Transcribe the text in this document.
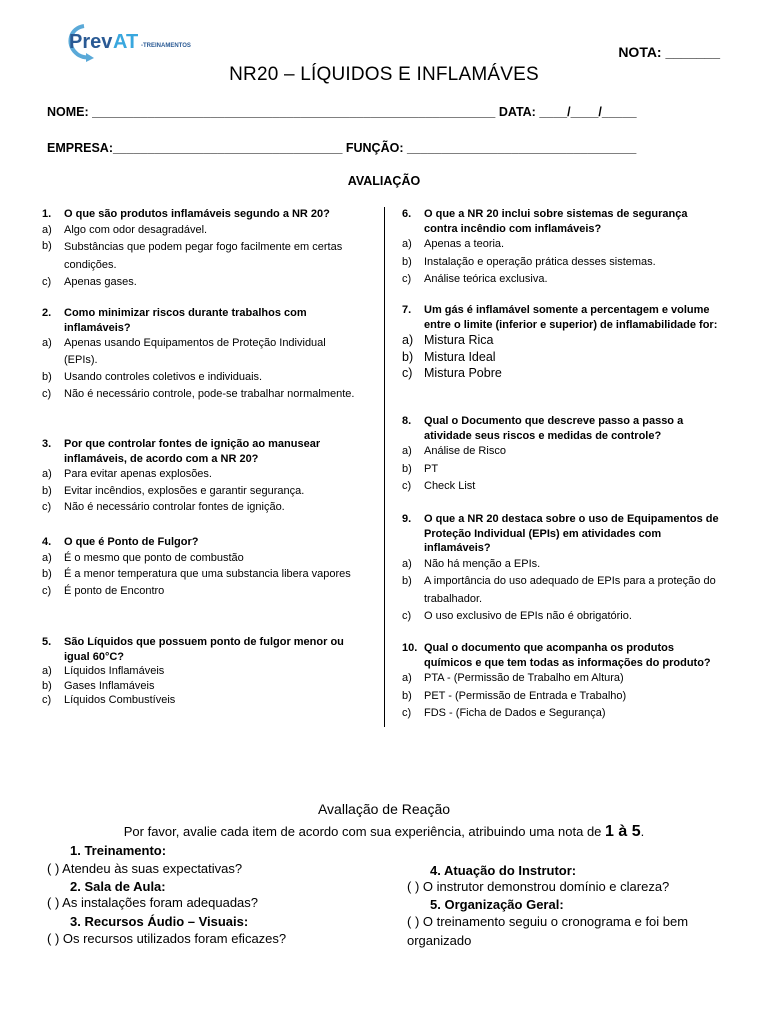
Prev AT -TREINAMENTOS	NOTA: _______
NR20 – LÍQUIDOS E INFLAMÁVES
NOME: __________________________________________________________ DATA: ____/____/_____
EMPRESA:_________________________________ FUNÇÃO: _________________________________
AVALIAÇÃO
1.	O que são produtos inflamáveis segundo a NR 20?
a)	Algo com odor desagradável.
b)	Substâncias que podem pegar fogo facilmente em certas condições.
c)	Apenas gases.
2.	Como minimizar riscos durante trabalhos com inflamáveis?
a)	Apenas usando Equipamentos de Proteção Individual (EPIs).
b)	Usando controles coletivos e individuais.
c)	Não é necessário controle, pode-se trabalhar normalmente.
3.	Por que controlar fontes de ignição ao manusear inflamáveis, de acordo com a NR 20?
a)	Para evitar apenas explosões.
b)	Evitar incêndios, explosões e garantir segurança.
c)	Não é necessário controlar fontes de ignição.
4.	O que é Ponto de Fulgor?
a)	É o mesmo que ponto de combustão
b)	É a menor temperatura que uma substancia libera vapores
c)	É ponto de Encontro
5.	São Líquidos que possuem ponto de fulgor menor ou igual 60°C?
a)	Líquidos Inflamáveis
b)	Gases Inflamáveis
c)	Líquidos Combustíveis
6.	O que a NR 20 inclui sobre sistemas de segurança contra incêndio com inflamáveis?
a)	Apenas a teoria.
b)	Instalação e operação prática desses sistemas.
c)	Análise teórica exclusiva.
7.	Um gás é inflamável somente a percentagem e volume entre o limite (inferior e superior) de inflamabilidade for:
a) Mistura Rica
b) Mistura Ideal
c) Mistura Pobre
8.	Qual o Documento que descreve passo a passo a atividade seus riscos e medidas de controle?
a)	Análise de Risco
b)	PT
c)	Check List
9.	O que a NR 20 destaca sobre o uso de Equipamentos de Proteção Individual (EPIs) em atividades com inflamáveis?
a)	Não há menção a EPIs.
b)	A importância do uso adequado de EPIs para a proteção do trabalhador.
c)	O uso exclusivo de EPIs não é obrigatório.
10. Qual o documento que acompanha os produtos químicos e que tem todas as informações do produto?
a)	PTA - (Permissão de Trabalho em Altura)
b)	PET - (Permissão de Entrada e Trabalho)
c)	FDS - (Ficha de Dados e Segurança)
Avallação de Reação
Por favor, avalie cada item de acordo com sua experiência, atribuindo uma nota de 1 à 5.
1. Treinamento:
( ) Atendeu às suas expectativas?
2. Sala de Aula:
( ) As instalações foram adequadas?
3. Recursos Áudio – Visuais:
( ) Os recursos utilizados foram eficazes?
4. Atuação do Instrutor:
( ) O instrutor demonstrou domínio e clareza?
5. Organização Geral:
( ) O treinamento seguiu o cronograma e foi bem
organizado
